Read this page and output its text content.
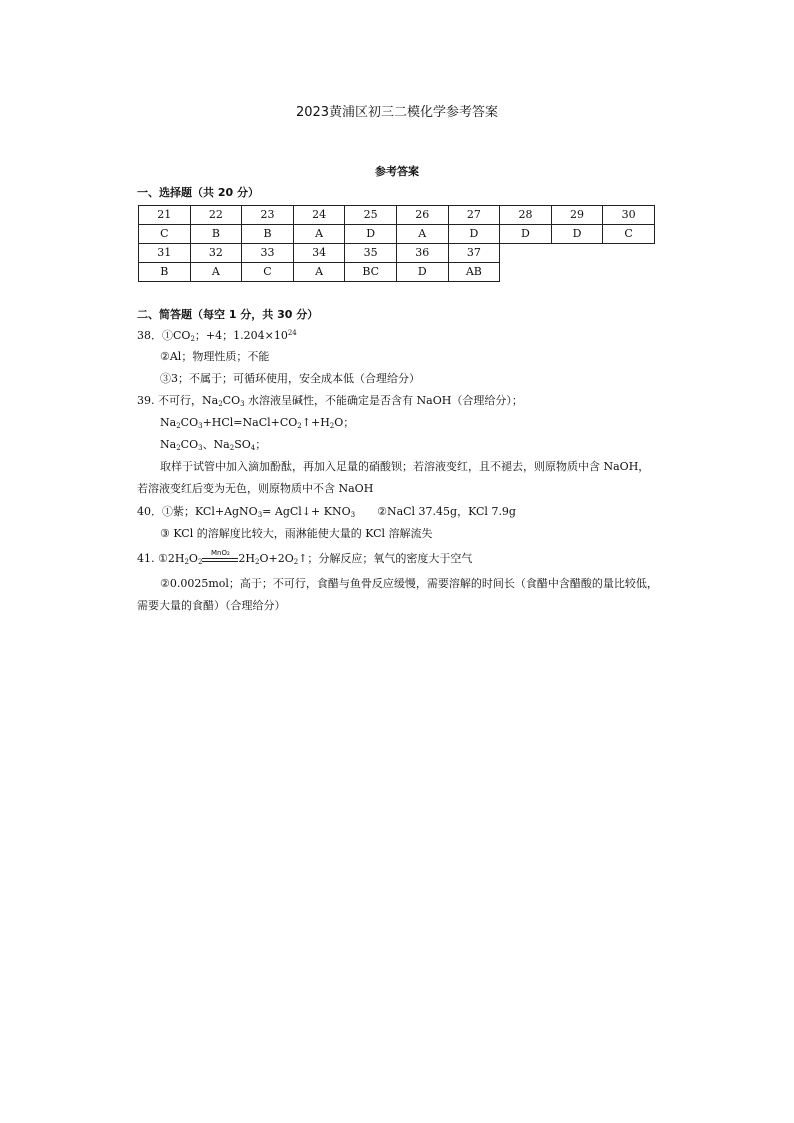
2023黄浦区初三二模化学参考答案
参考答案
一、选择题（共 20 分）
21	22	23	24	25	26	27	28	29	30
C	B	B	A	D	A	D	D	D	C
31	32	33	34	35	36	37			
B	A	C	A	BC	D	AB			
二、简答题（每空 1 分，共 30 分）
38．$①CO_2$；+4；$1.204\times 10^{24}$
②Al；物理性质；不能
③3；不属于；可循环使用，安全成本低（合理给分）
39. 不可行，$Na_2CO_3$ 水溶液呈碱性，不能确定是否含有 NaOH（合理给分）；
$Na_2CO_3+HCl=NaCl+CO_2↑+H_2O$；
$Na_2CO_3$、$Na_2SO_4$；
取样于试管中加入滴加酚酞，再加入足量的硝酸钡；若溶液变红，且不褪去，则原物质中含 NaOH，
若溶液变红后变为无色，则原物质中不含 NaOH
40．①紫；KCl+AgNO$_3$= AgCl↓+ $KNO_3$ ②NaCl 37.45g，KCl 7.9g
③ KCl 的溶解度比较大，雨淋能使大量的 KCl 溶解流失
41. $①2H_2O_2$
MnO₂ $2H_2O+2O_2↑$；分解反应；氧气的密度大于空气
②0.0025mol；高于；不可行，食醋与鱼骨反应缓慢，需要溶解的时间长（食醋中含醋酸的量比较低，
需要大量的食醋）（合理给分）
